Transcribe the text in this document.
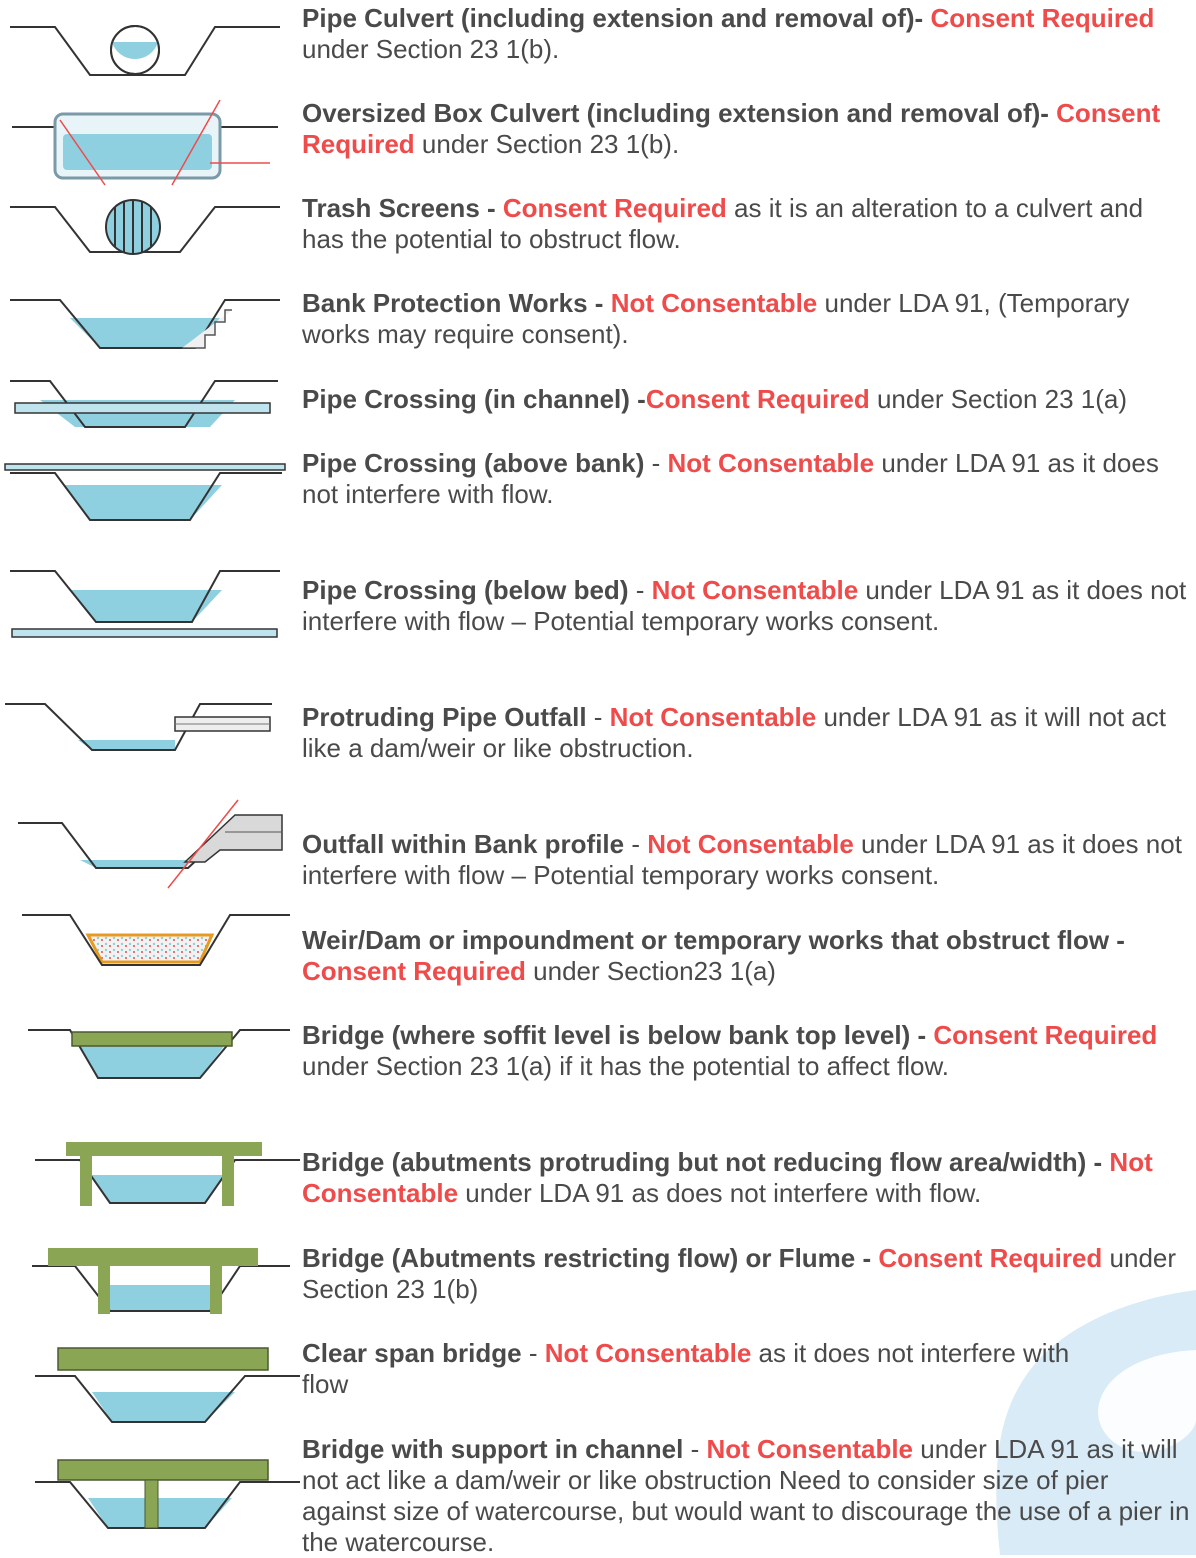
Pipe Culvert (including extension and removal of)- Consent Required under Section 23 1(b).

Oversized Box Culvert (including extension and removal of)- Consent Required under Section 23 1(b).

Trash Screens - Consent Required as it is an alteration to a culvert and has the potential to obstruct flow.

Bank Protection Works - Not Consentable under LDA 91, (Temporary works may require consent).

Pipe Crossing (in channel) -Consent Required under Section 23 1(a)

Pipe Crossing (above bank) - Not Consentable under LDA 91 as it does not interfere with flow.

Pipe Crossing (below bed) - Not Consentable under LDA 91 as it does not interfere with flow – Potential temporary works consent.

Protruding Pipe Outfall - Not Consentable under LDA 91 as it will not act like a dam/weir or like obstruction.

Outfall within Bank profile - Not Consentable under LDA 91 as it does not interfere with flow – Potential temporary works consent.

Weir/Dam or impoundment or temporary works that obstruct flow - Consent Required under Section23 1(a)

Bridge (where soffit level is below bank top level) - Consent Required under Section 23 1(a) if it has the potential to affect flow.

Bridge (abutments protruding but not reducing flow area/width) - Not Consentable under LDA 91 as does not interfere with flow.

Bridge (Abutments restricting flow) or Flume - Consent Required under Section 23 1(b)

Clear span bridge - Not Consentable as it does not interfere with flow

Bridge with support in channel - Not Consentable under LDA 91 as it will not act like a dam/weir or like obstruction Need to consider size of pier against size of watercourse, but would want to discourage the use of a pier in the watercourse.
